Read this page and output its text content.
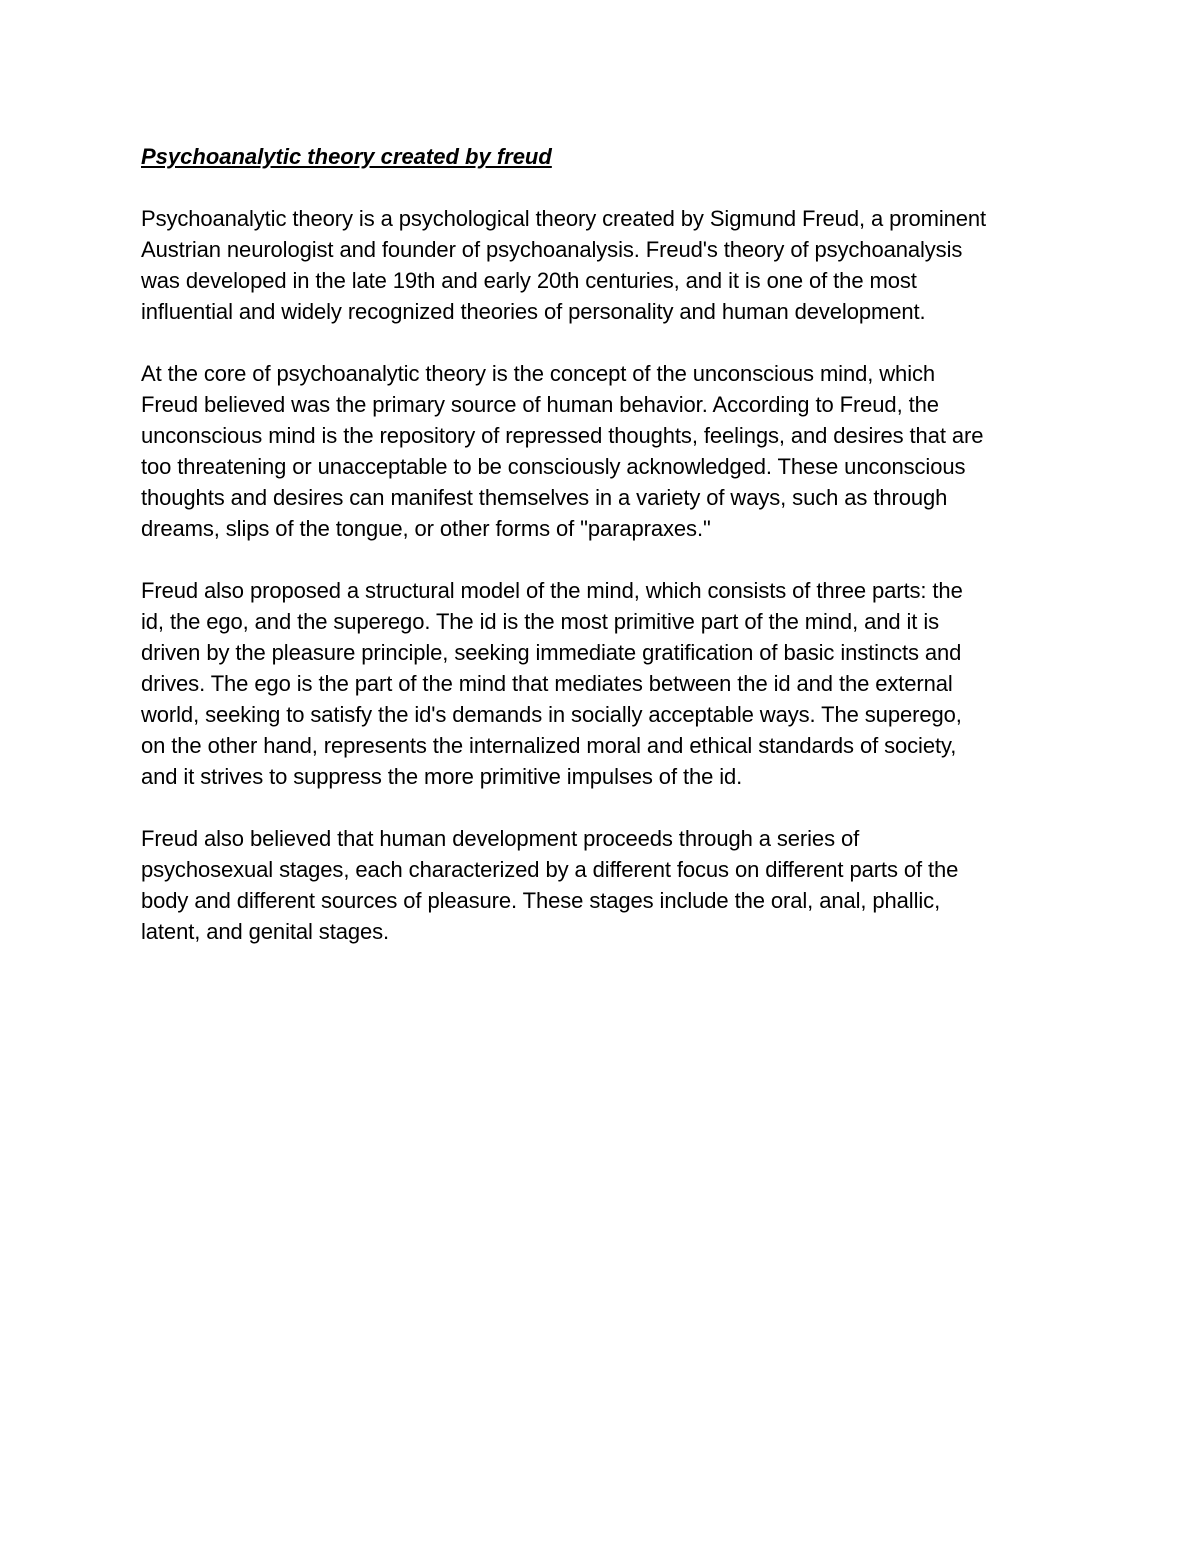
Psychoanalytic theory created by freud
Psychoanalytic theory is a psychological theory created by Sigmund Freud, a prominent
Austrian neurologist and founder of psychoanalysis. Freud's theory of psychoanalysis
was developed in the late 19th and early 20th centuries, and it is one of the most
influential and widely recognized theories of personality and human development.
At the core of psychoanalytic theory is the concept of the unconscious mind, which
Freud believed was the primary source of human behavior. According to Freud, the
unconscious mind is the repository of repressed thoughts, feelings, and desires that are
too threatening or unacceptable to be consciously acknowledged. These unconscious
thoughts and desires can manifest themselves in a variety of ways, such as through
dreams, slips of the tongue, or other forms of "parapraxes."
Freud also proposed a structural model of the mind, which consists of three parts: the
id, the ego, and the superego. The id is the most primitive part of the mind, and it is
driven by the pleasure principle, seeking immediate gratification of basic instincts and
drives. The ego is the part of the mind that mediates between the id and the external
world, seeking to satisfy the id's demands in socially acceptable ways. The superego,
on the other hand, represents the internalized moral and ethical standards of society,
and it strives to suppress the more primitive impulses of the id.
Freud also believed that human development proceeds through a series of
psychosexual stages, each characterized by a different focus on different parts of the
body and different sources of pleasure. These stages include the oral, anal, phallic,
latent, and genital stages.
